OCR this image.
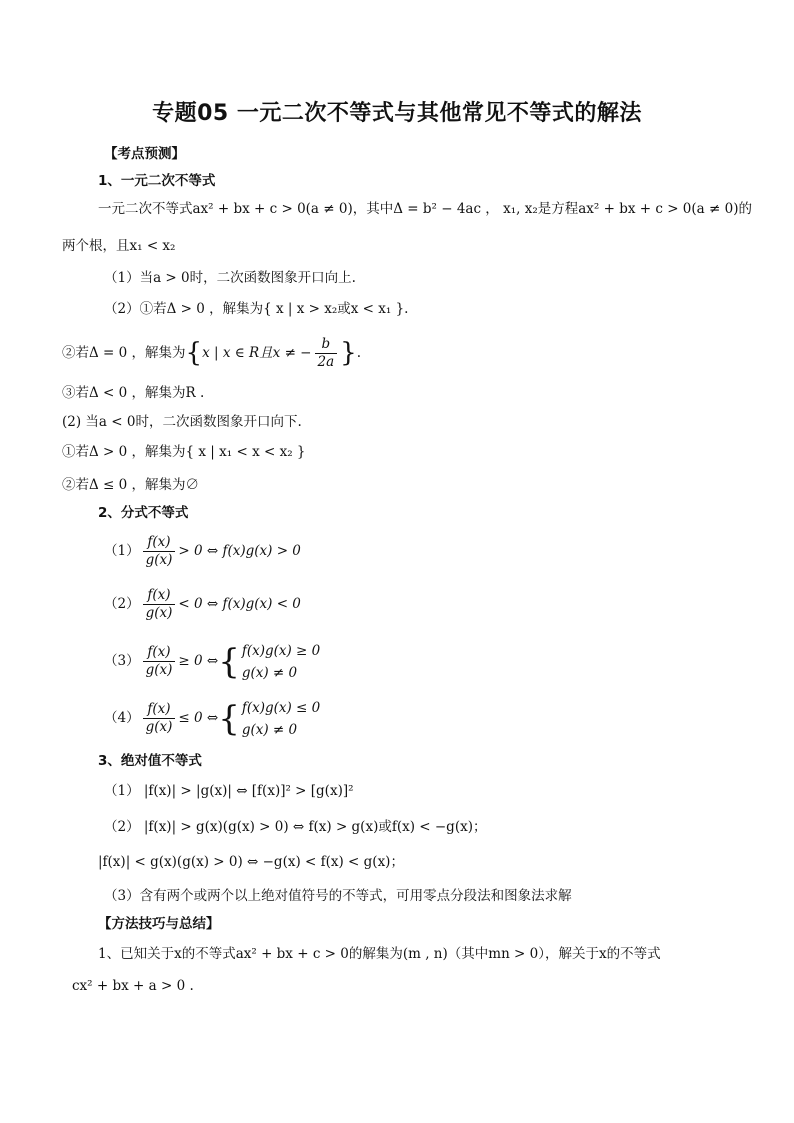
专题05 一元二次不等式与其他常见不等式的解法
【考点预测】
1、一元二次不等式
一元二次不等式ax² + bx + c > 0(a ≠ 0)，其中Δ = b² − 4ac ， x₁, x₂是方程ax² + bx + c > 0(a ≠ 0)的
两个根，且x₁ < x₂
（1）当a > 0时，二次函数图象开口向上.
（2）①若Δ > 0 ，解集为{ x | x > x₂或x < x₁ }.
②若Δ = 0 ，解集为{x | x ∈ R且x ≠ − $\frac{b}{2a}$ }.
③若Δ < 0 ，解集为R .
(2) 当a < 0时，二次函数图象开口向下.
①若Δ > 0 ，解集为{ x | x₁ < x < x₂ }
②若Δ ≤ 0 ，解集为∅
2、分式不等式
$(1) \frac{f(x)}{g(x)} > 0$ ⇔ f(x)g(x) > 0
$(2) \frac{f(x)}{g(x)} < 0$ ⇔ f(x)g(x) < 0
$(3) \frac{f(x)}{g(x)} \ge 0$ ⇔{ f(x)g(x) ≥ 0
g(x) ≠ 0
$(4) \frac{f(x)}{g(x)} \le 0$ ⇔{ f(x)g(x) ≤ 0
g(x) ≠ 0
3、绝对值不等式
（1） |f(x)| > |g(x)| ⇔ [f(x)]² > [g(x)]²
（2） |f(x)| > g(x)(g(x) > 0) ⇔ f(x) > g(x)或f(x) < −g(x)；
|f(x)| < g(x)(g(x) > 0) ⇔ −g(x) < f(x) < g(x)；
（3）含有两个或两个以上绝对值符号的不等式，可用零点分段法和图象法求解
【方法技巧与总结】
1、已知关于x的不等式ax² + bx + c > 0的解集为(m , n)（其中mn > 0），解关于x的不等式
cx² + bx + a > 0 .
